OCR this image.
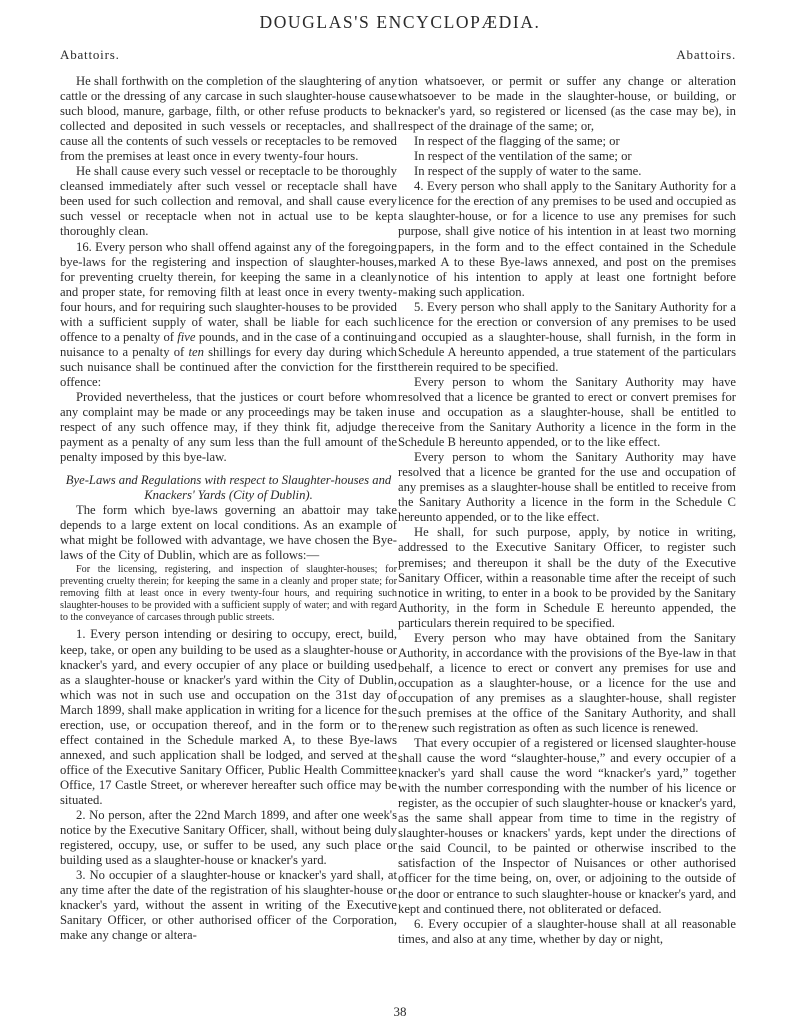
DOUGLAS'S ENCYCLOPÆDIA.
Abattoirs.	Abattoirs.

He shall forthwith on the completion of the slaughtering of any cattle or the dressing of any carcase in such slaughter-house cause such blood, manure, garbage, filth, or other refuse products to be collected and deposited in such vessels or receptacles, and shall cause all the contents of such vessels or receptacles to be removed from the premises at least once in every twenty-four hours.

He shall cause every such vessel or receptacle to be thoroughly cleansed immediately after such vessel or receptacle shall have been used for such collection and removal, and shall cause every such vessel or receptacle when not in actual use to be kept thoroughly clean.

16. Every person who shall offend against any of the foregoing bye-laws for the registering and inspection of slaughter-houses, for preventing cruelty therein, for keeping the same in a cleanly and proper state, for removing filth at least once in every twenty-four hours, and for requiring such slaughter-houses to be provided with a sufficient supply of water, shall be liable for each such offence to a penalty of five pounds, and in the case of a continuing nuisance to a penalty of ten shillings for every day during which such nuisance shall be continued after the conviction for the first offence:

Provided nevertheless, that the justices or court before whom any complaint may be made or any proceedings may be taken in respect of any such offence may, if they think fit, adjudge the payment as a penalty of any sum less than the full amount of the penalty imposed by this bye-law.

Bye-Laws and Regulations with respect to Slaughter-houses and Knackers' Yards (City of Dublin).

The form which bye-laws governing an abattoir may take depends to a large extent on local conditions. As an example of what might be followed with advantage, we have chosen the Bye-laws of the City of Dublin, which are as follows:—

For the licensing, registering, and inspection of slaughter-houses; for preventing cruelty therein; for keeping the same in a cleanly and proper state; for removing filth at least once in every twenty-four hours, and requiring such slaughter-houses to be provided with a sufficient supply of water; and with regard to the conveyance of carcases through public streets.

1. Every person intending or desiring to occupy, erect, build, keep, take, or open any building to be used as a slaughter-house or knacker's yard, and every occupier of any place or building used as a slaughter-house or knacker's yard within the City of Dublin, which was not in such use and occupation on the 31st day of March 1899, shall make application in writing for a licence for the erection, use, or occupation thereof, and in the form or to the effect contained in the Schedule marked A, to these Bye-laws annexed, and such application shall be lodged, and served at the office of the Executive Sanitary Officer, Public Health Committee Office, 17 Castle Street, or wherever hereafter such office may be situated.

2. No person, after the 22nd March 1899, and after one week's notice by the Executive Sanitary Officer, shall, without being duly registered, occupy, use, or suffer to be used, any such place or building used as a slaughter-house or knacker's yard.

3. No occupier of a slaughter-house or knacker's yard shall, at any time after the date of the registration of his slaughter-house or knacker's yard, without the assent in writing of the Executive Sanitary Officer, or other authorised officer of the Corporation, make any change or altera-

tion whatsoever, or permit or suffer any change or alteration whatsoever to be made in the slaughter-house, or building, or knacker's yard, so registered or licensed (as the case may be), in respect of the drainage of the same; or,

In respect of the flagging of the same; or

In respect of the ventilation of the same; or

In respect of the supply of water to the same.

4. Every person who shall apply to the Sanitary Authority for a licence for the erection of any premises to be used and occupied as a slaughter-house, or for a licence to use any premises for such purpose, shall give notice of his intention in at least two morning papers, in the form and to the effect contained in the Schedule marked A to these Bye-laws annexed, and post on the premises notice of his intention to apply at least one fortnight before making such application.

5. Every person who shall apply to the Sanitary Authority for a licence for the erection or conversion of any premises to be used and occupied as a slaughter-house, shall furnish, in the form in Schedule A hereunto appended, a true statement of the particulars therein required to be specified.

Every person to whom the Sanitary Authority may have resolved that a licence be granted to erect or convert premises for use and occupation as a slaughter-house, shall be entitled to receive from the Sanitary Authority a licence in the form in the Schedule B hereunto appended, or to the like effect.

Every person to whom the Sanitary Authority may have resolved that a licence be granted for the use and occupation of any premises as a slaughter-house shall be entitled to receive from the Sanitary Authority a licence in the form in the Schedule C hereunto appended, or to the like effect.

He shall, for such purpose, apply, by notice in writing, addressed to the Executive Sanitary Officer, to register such premises; and thereupon it shall be the duty of the Executive Sanitary Officer, within a reasonable time after the receipt of such notice in writing, to enter in a book to be provided by the Sanitary Authority, in the form in Schedule E hereunto appended, the particulars therein required to be specified.

Every person who may have obtained from the Sanitary Authority, in accordance with the provisions of the Bye-law in that behalf, a licence to erect or convert any premises for use and occupation as a slaughter-house, or a licence for the use and occupation of any premises as a slaughter-house, shall register such premises at the office of the Sanitary Authority, and shall renew such registration as often as such licence is renewed.

That every occupier of a registered or licensed slaughter-house shall cause the word “slaughter-house,” and every occupier of a knacker's yard shall cause the word “knacker's yard,” together with the number corresponding with the number of his licence or register, as the occupier of such slaughter-house or knacker's yard, as the same shall appear from time to time in the registry of slaughter-houses or knackers' yards, kept under the directions of the said Council, to be painted or otherwise inscribed to the satisfaction of the Inspector of Nuisances or other authorised officer for the time being, on, over, or adjoining to the outside of the door or entrance to such slaughter-house or knacker's yard, and kept and continued there, not obliterated or defaced.

6. Every occupier of a slaughter-house shall at all reasonable times, and also at any time, whether by day or night,

38
